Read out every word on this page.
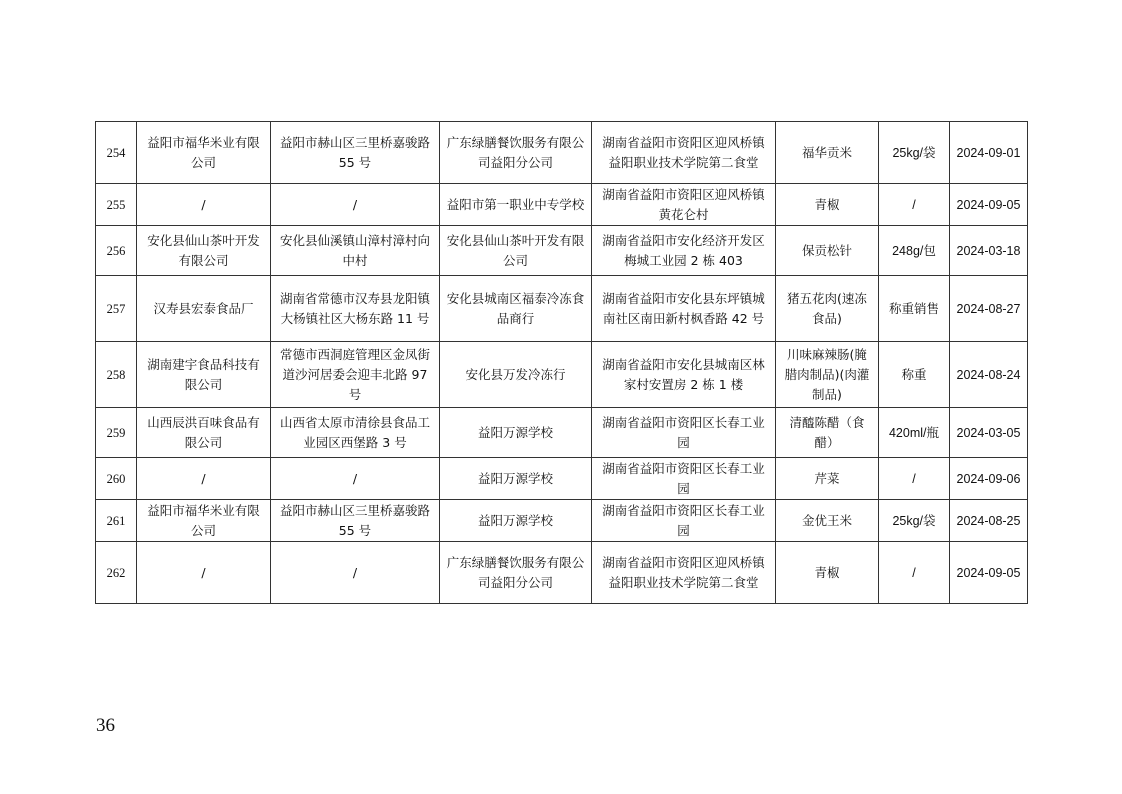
254	益阳市福华米业有限公司	益阳市赫山区三里桥嘉骏路 55 号	广东绿膳餐饮服务有限公司益阳分公司	湖南省益阳市资阳区迎风桥镇益阳职业技术学院第二食堂	福华贡米	25kg/袋	2024-09-01
255	/	/	益阳市第一职业中专学校	湖南省益阳市资阳区迎风桥镇黄花仑村	青椒	/	2024-09-05
256	安化县仙山茶叶开发有限公司	安化县仙溪镇山漳村漳村向中村	安化县仙山茶叶开发有限公司	湖南省益阳市安化经济开发区梅城工业园 2 栋 403	保贡松针	248g/包	2024-03-18
257	汉寿县宏泰食品厂	湖南省常德市汉寿县龙阳镇大杨镇社区大杨东路 11 号	安化县城南区福泰冷冻食品商行	湖南省益阳市安化县东坪镇城南社区南田新村枫香路 42 号	猪五花肉(速冻食品)	称重销售	2024-08-27
258	湖南建宇食品科技有限公司	常德市西洞庭管理区金凤街道沙河居委会迎丰北路 97 号	安化县万发冷冻行	湖南省益阳市安化县城南区林家村安置房 2 栋 1 楼	川味麻辣肠(腌腊肉制品)(肉灌制品)	称重	2024-08-24
259	山西辰洪百味食品有限公司	山西省太原市清徐县食品工业园区西堡路 3 号	益阳万源学校	湖南省益阳市资阳区长春工业园	清醯陈醋（食醋）	420ml/瓶	2024-03-05
260	/	/	益阳万源学校	湖南省益阳市资阳区长春工业园	芹菜	/	2024-09-06
261	益阳市福华米业有限公司	益阳市赫山区三里桥嘉骏路 55 号	益阳万源学校	湖南省益阳市资阳区长春工业园	金优王米	25kg/袋	2024-08-25
262	/	/	广东绿膳餐饮服务有限公司益阳分公司	湖南省益阳市资阳区迎风桥镇益阳职业技术学院第二食堂	青椒	/	2024-09-05
36
